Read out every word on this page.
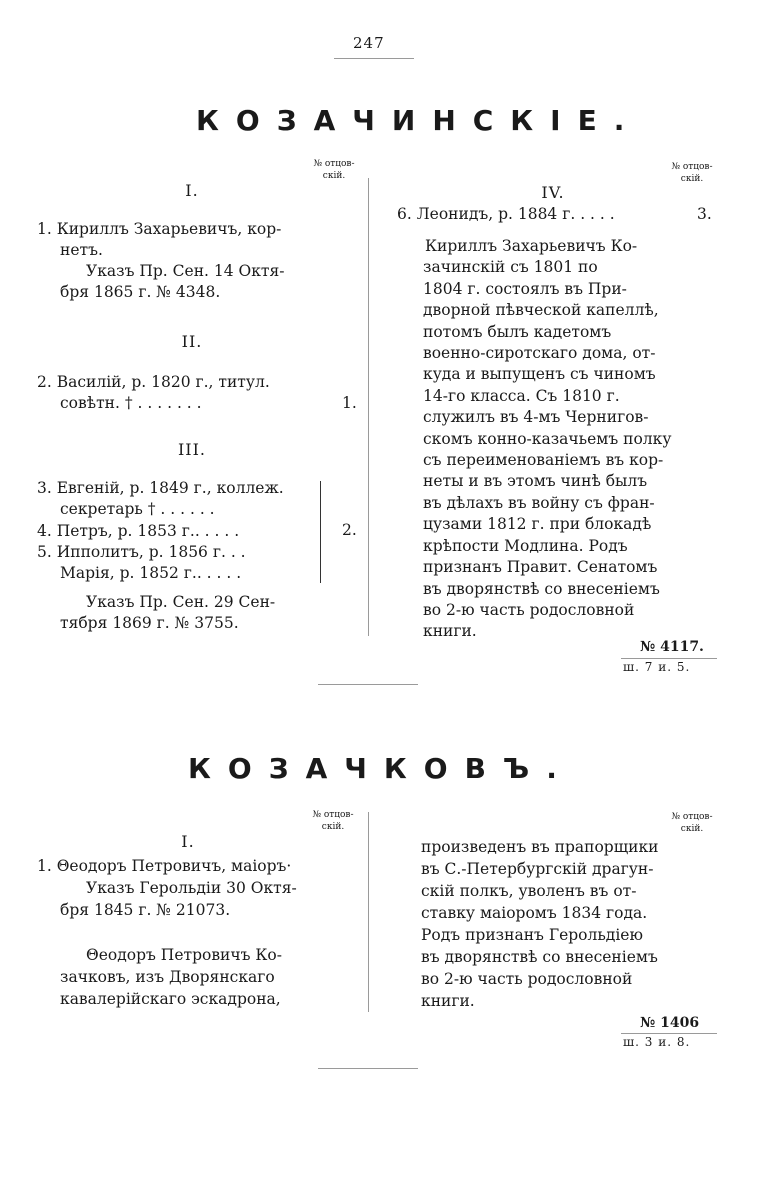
247
КОЗАЧИНСКІЕ.
№ отцов-
скій.
№ отцов-
скій.
I.
1. Кириллъ Захарьевичъ, кор-
нетъ.
Указъ Пр. Сен. 14 Октя-
бря 1865 г. № 4348.
II.
2. Василій, р. 1820 г., титул.
совѣтн. † . . . . . . .	1.
III.
3. Евгеній, р. 1849 г., коллеж.
секретарь † . . . . . .
4. Петръ, р. 1853 г.. . . . .
5. Ипполитъ, р. 1856 г. . .
Марія, р. 1852 г.. . . . .
2.
Указъ Пр. Сен. 29 Сен-
тября 1869 г. № 3755.
IV.
6. Леонидъ, р. 1884 г. . . . .	3.
Кириллъ Захарьевичъ Ко-
зачинскій съ 1801 по
1804 г. состоялъ въ При-
дворной пѣвческой капеллѣ,
потомъ былъ кадетомъ
военно-сиротскаго дома, от-
куда и выпущенъ съ чиномъ
14-го класса. Съ 1810 г.
служилъ въ 4-мъ Чернигов-
скомъ конно-казачьемъ полку
съ переименованіемъ въ кор-
неты и въ этомъ чинѣ былъ
въ дѣлахъ въ войну съ фран-
цузами 1812 г. при блокадѣ
крѣпости Модлина. Родъ
признанъ Правит. Сенатомъ
въ дворянствѣ со внесеніемъ
во 2-ю часть родословной
книги.
№ 4117.
ш. 7 и. 5.
КОЗАЧКОВЪ.
№ отцов-
скій.
№ отцов-
скій.
I.
1. Θеодоръ Петровичъ, маіоръ·
Указъ Герольдіи 30 Октя-
бря 1845 г. № 21073.
Θеодоръ Петровичъ Ко-
зачковъ, изъ Дворянскаго
кавалерійскаго эскадрона,
произведенъ въ прапорщики
въ С.-Петербургскій драгун-
скій полкъ, уволенъ въ от-
ставку маіоромъ 1834 года.
Родъ признанъ Герольдіею
въ дворянствѣ со внесеніемъ
во 2-ю часть родословной
книги.
№ 1406
ш. 3 и. 8.
